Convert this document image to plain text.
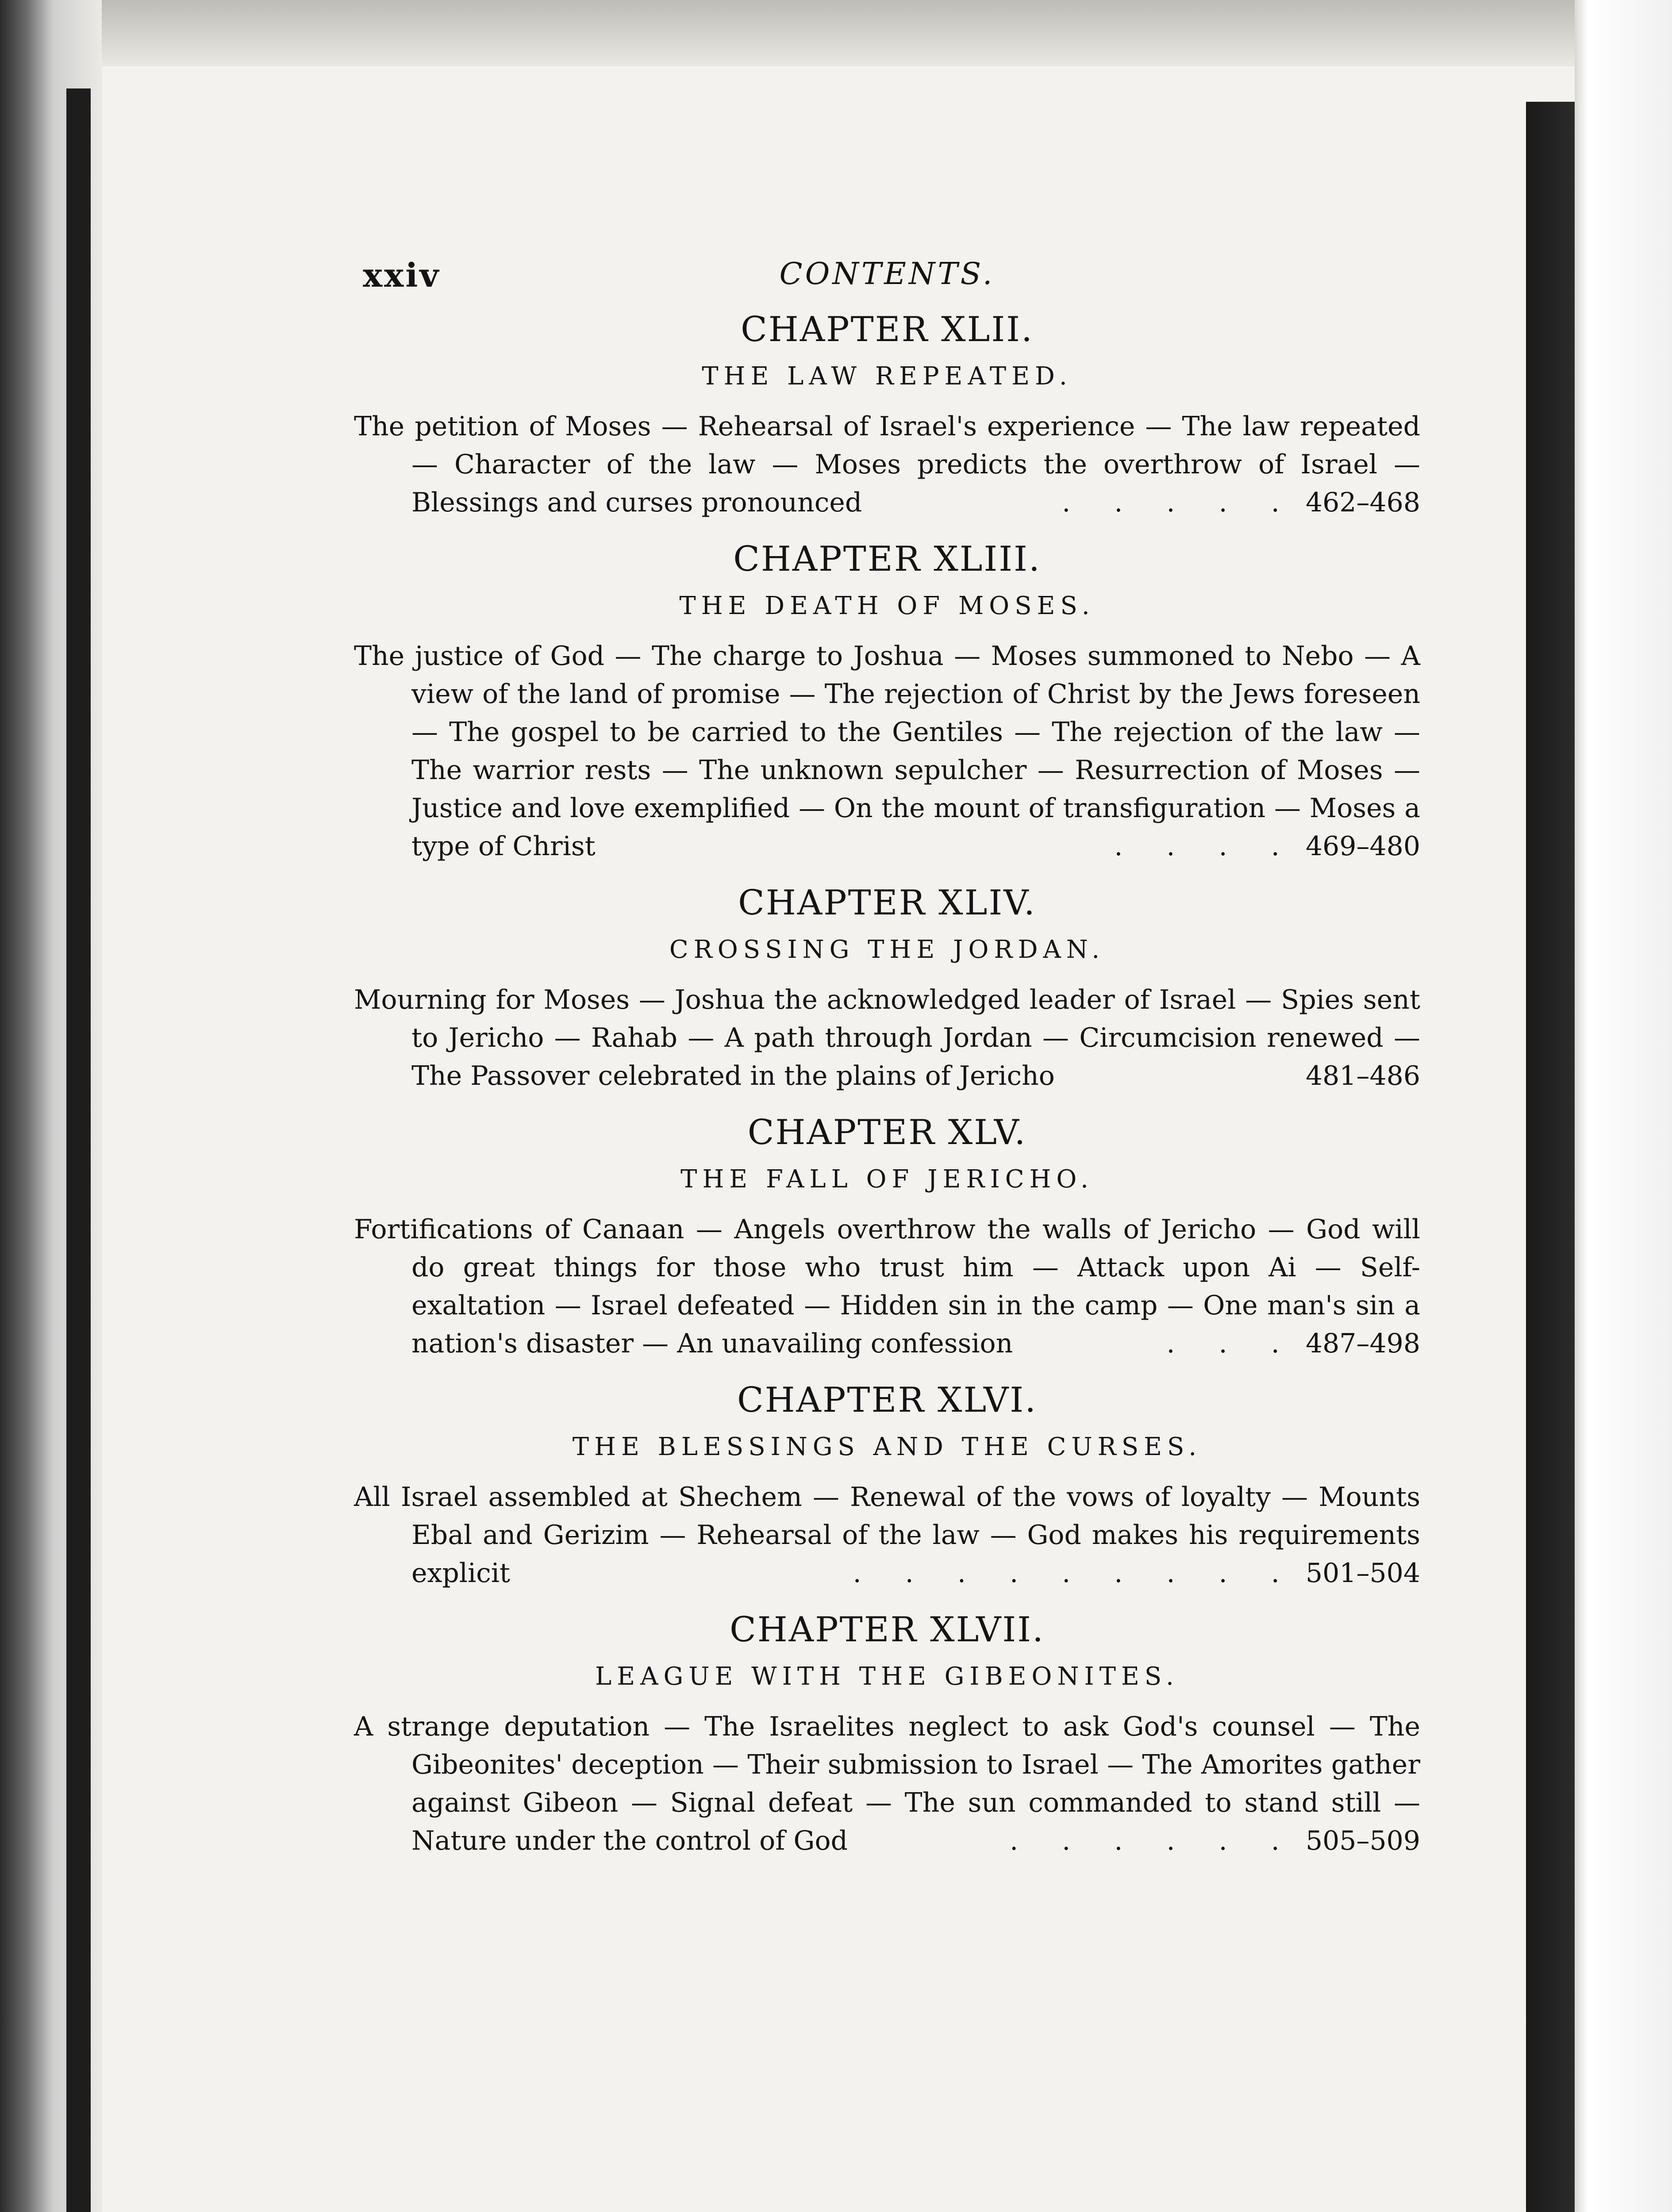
xxiv	CONTENTS.
CHAPTER XLII.
THE LAW REPEATED.

The petition of Moses — Rehearsal of Israel's experience — The law repeated — Character of the law — Moses predicts the overthrow of Israel — Blessings and curses pronounced	. . . . . 462–468

CHAPTER XLIII.
THE DEATH OF MOSES.

The justice of God — The charge to Joshua — Moses summoned to Nebo — A view of the land of promise — The rejection of Christ by the Jews foreseen — The gospel to be carried to the Gentiles — The rejection of the law — The warrior rests — The unknown sepulcher — Resurrection of Moses — Justice and love exemplified — On the mount of transfiguration — Moses a type of Christ	. . . . 469–480

CHAPTER XLIV.
CROSSING THE JORDAN.

Mourning for Moses — Joshua the acknowledged leader of Israel — Spies sent to Jericho — Rahab — A path through Jordan — Circumcision renewed — The Passover celebrated in the plains of Jericho	481–486

CHAPTER XLV.
THE FALL OF JERICHO.

Fortifications of Canaan — Angels overthrow the walls of Jericho — God will do great things for those who trust him — Attack upon Ai — Self-exaltation — Israel defeated — Hidden sin in the camp — One man's sin a nation's disaster — An unavailing confession	. . . 487–498

CHAPTER XLVI.
THE BLESSINGS AND THE CURSES.

All Israel assembled at Shechem — Renewal of the vows of loyalty — Mounts Ebal and Gerizim — Rehearsal of the law — God makes his requirements explicit	. . . . . . . . . 501–504

CHAPTER XLVII.
LEAGUE WITH THE GIBEONITES.

A strange deputation — The Israelites neglect to ask God's counsel — The Gibeonites' deception — Their submission to Israel — The Amorites gather against Gibeon — Signal defeat — The sun commanded to stand still — Nature under the control of God	. . . . . . 505–509
